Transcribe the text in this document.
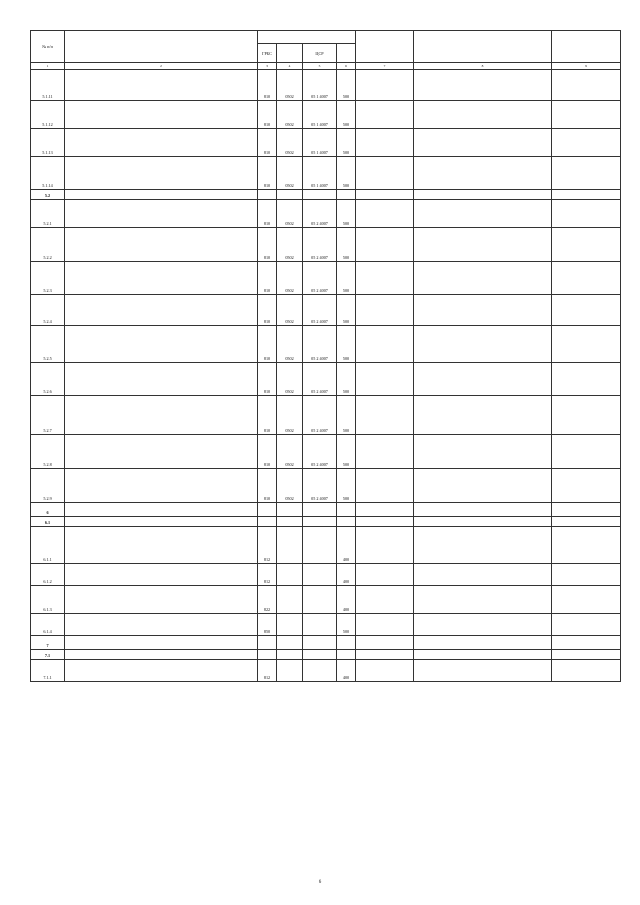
№ п/п								
		ГРБС		ЦСР				
1	2	3	4	5	6	7	8	9
5.1.11		810	0502	05 1 4007	500			
5.1.12		810	0502	05 1 4007	500			
5.1.13		810	0502	05 1 4007	500			
5.1.14		810	0502	05 1 4007	500			
5.2								
5.2.1		810	0502	05 2 4007	500			
5.2.2		810	0502	05 2 4007	500			
5.2.3		810	0502	05 2 4007	500			
5.2.4		810	0502	05 2 4007	500			
5.2.5		810	0502	05 2 4007	500			
5.2.6		810	0502	05 2 4007	500			
5.2.7		810	0502	05 2 4007	500			
5.2.8		810	0502	05 2 4007	500			
5.2.9		810	0502	05 2 4007	500			
6								
6.1								
6.1.1		812			400			
6.1.2		812			400			
6.1.3		822			400			
6.1.4		850			500			
7								
7.1								
7.1.1		812			400			
6
